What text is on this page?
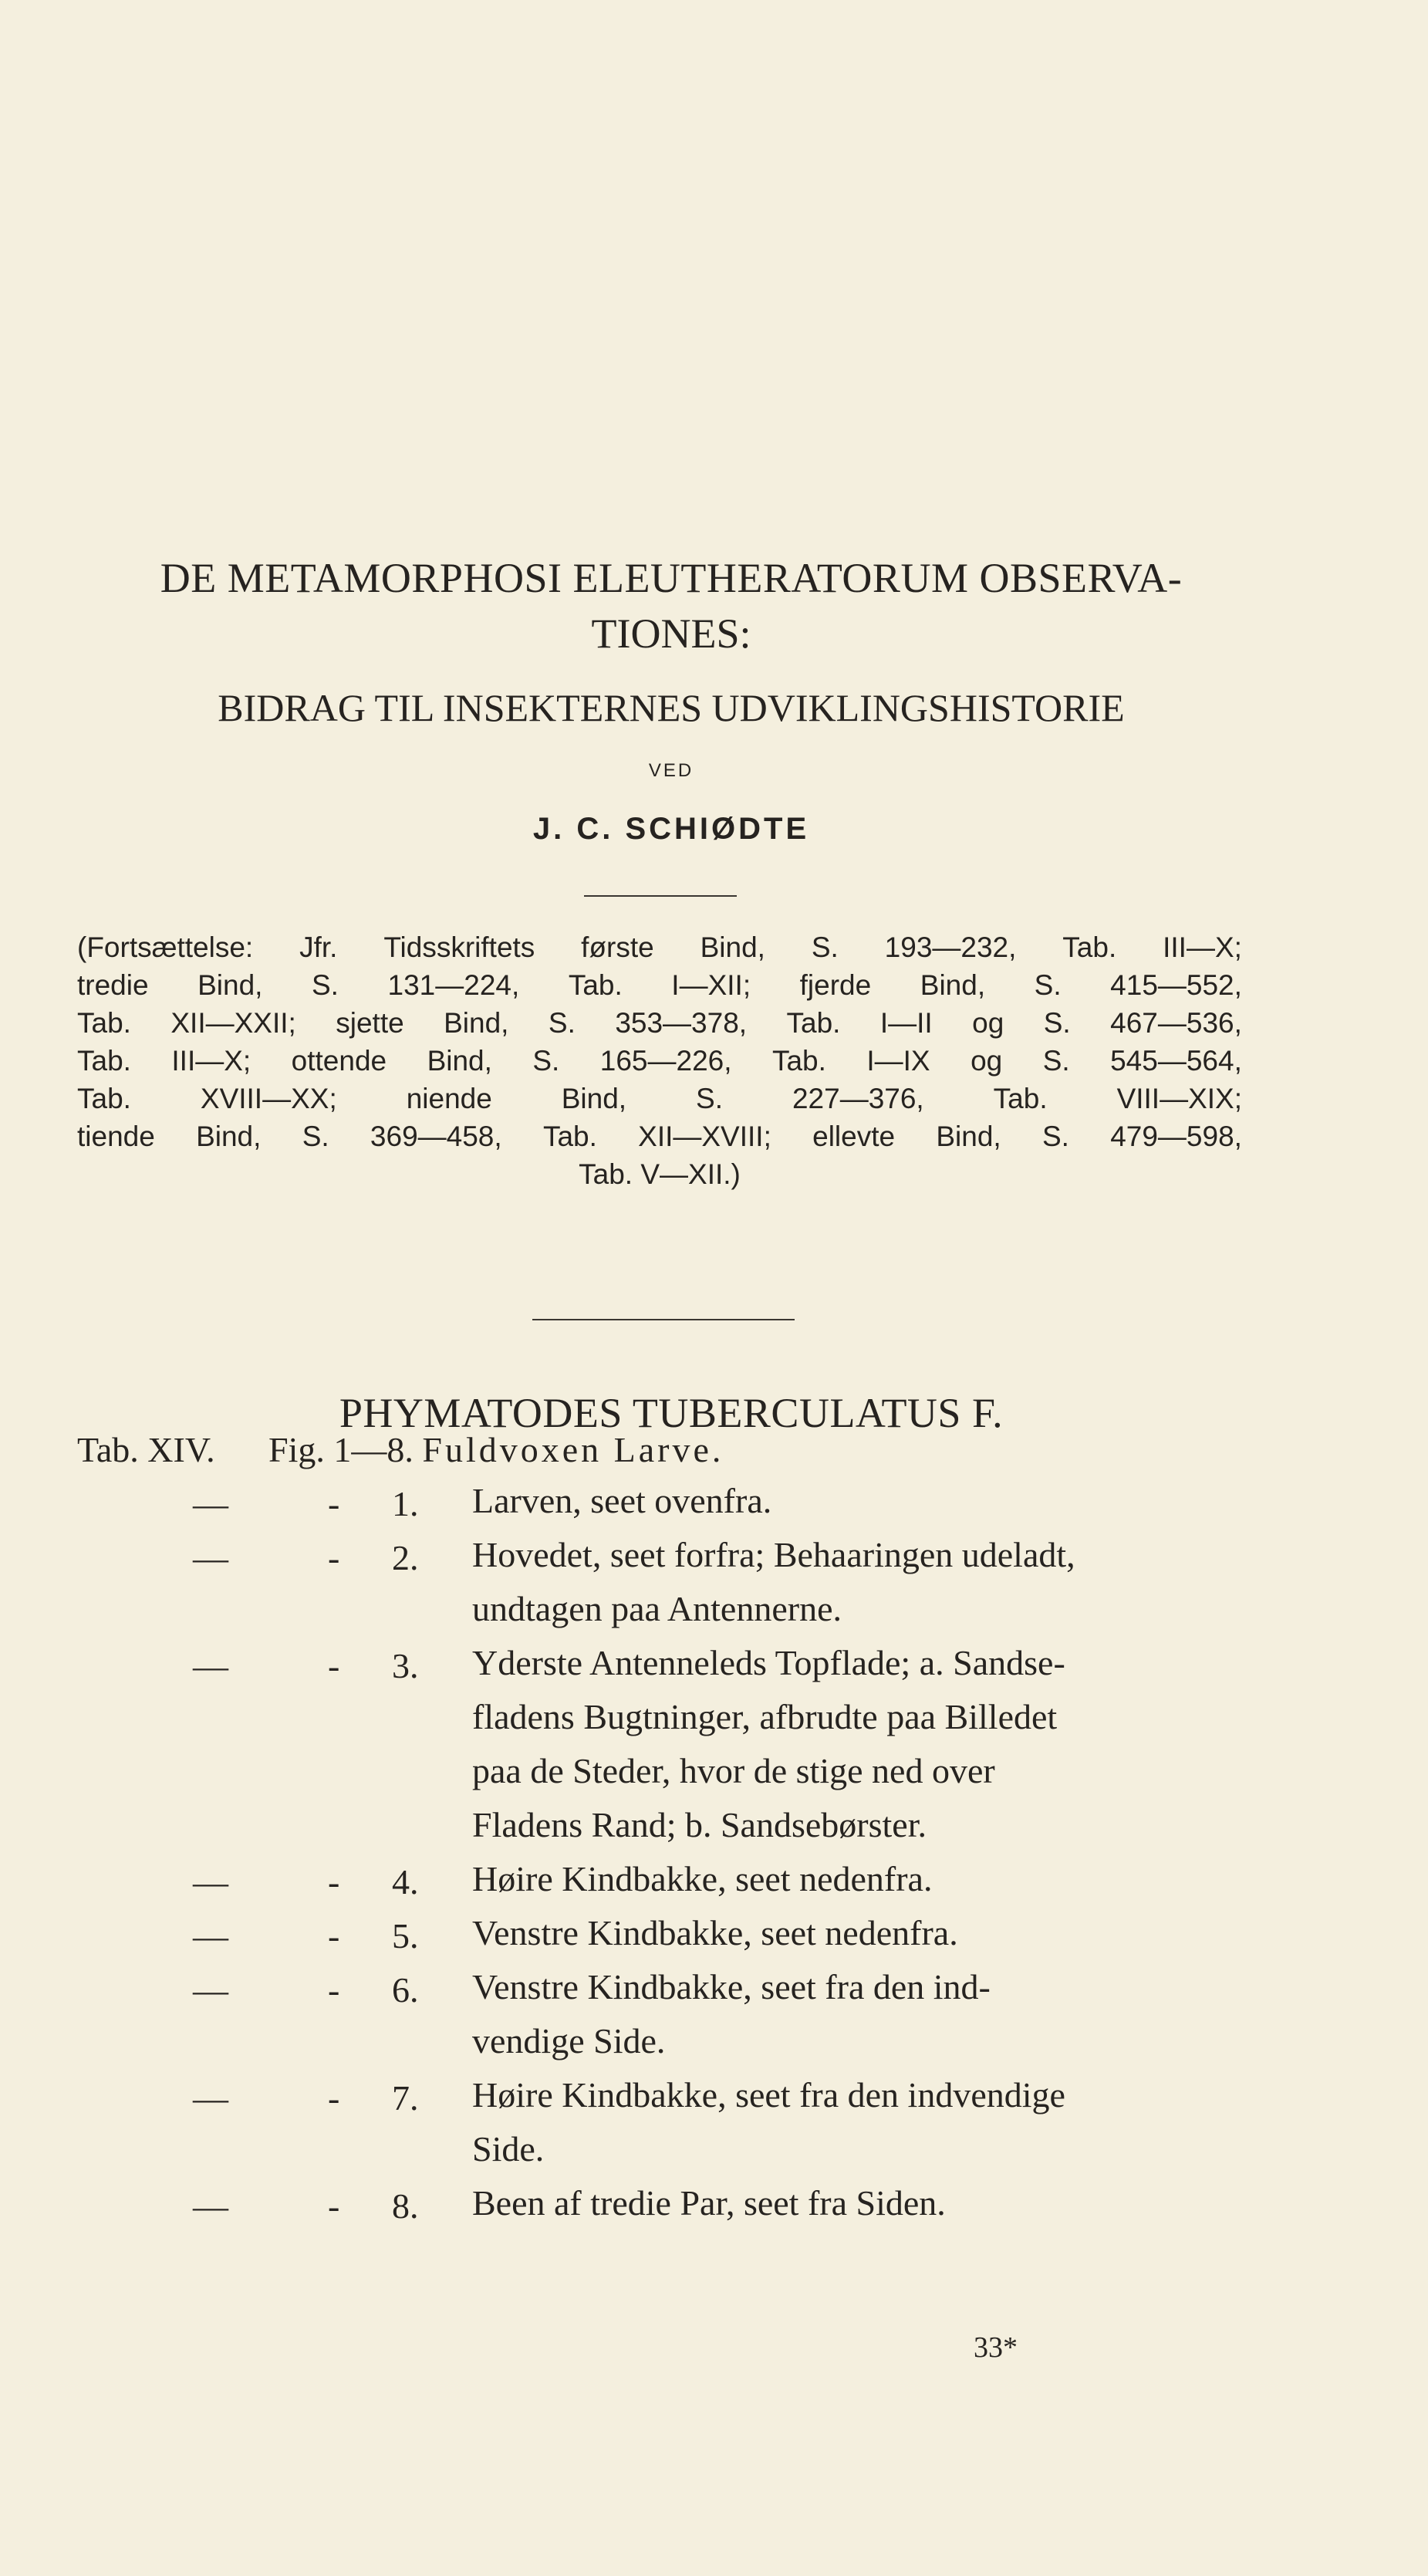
DE METAMORPHOSI ELEUTHERATORUM OBSERVA-
TIONES:
BIDRAG TIL INSEKTERNES UDVIKLINGSHISTORIE
VED
J. C. SCHIØDTE
(Fortsættelse: Jfr. Tidsskriftets første Bind, S. 193—232, Tab. III—X;
tredie Bind, S. 131—224, Tab. I—XII; fjerde Bind, S. 415—552,
Tab. XII—XXII; sjette Bind, S. 353—378, Tab. I—II og S. 467—536,
Tab. III—X; ottende Bind, S. 165—226, Tab. I—IX og S. 545—564,
Tab. XVIII—XX; niende Bind, S. 227—376, Tab. VIII—XIX;
tiende Bind, S. 369—458, Tab. XII—XVIII; ellevte Bind, S. 479—598,
Tab. V—XII.)
PHYMATODES TUBERCULATUS F.
Tab. XIV. Fig. 1—8. Fuldvoxen Larve.
—	- 1. Larven, seet ovenfra.
—	- 2. Hovedet, seet forfra; Behaaringen udeladt,
undtagen paa Antennerne.
—	- 3. Yderste Antenneleds Topflade; a. Sandse-
fladens Bugtninger, afbrudte paa Billedet
paa de Steder, hvor de stige ned over
Fladens Rand; b. Sandsebørster.
—	- 4. Høire Kindbakke, seet nedenfra.
—	- 5. Venstre Kindbakke, seet nedenfra.
—	- 6. Venstre Kindbakke, seet fra den ind-
vendige Side.
—	- 7. Høire Kindbakke, seet fra den indvendige
Side.
—	- 8. Been af tredie Par, seet fra Siden.
33*
